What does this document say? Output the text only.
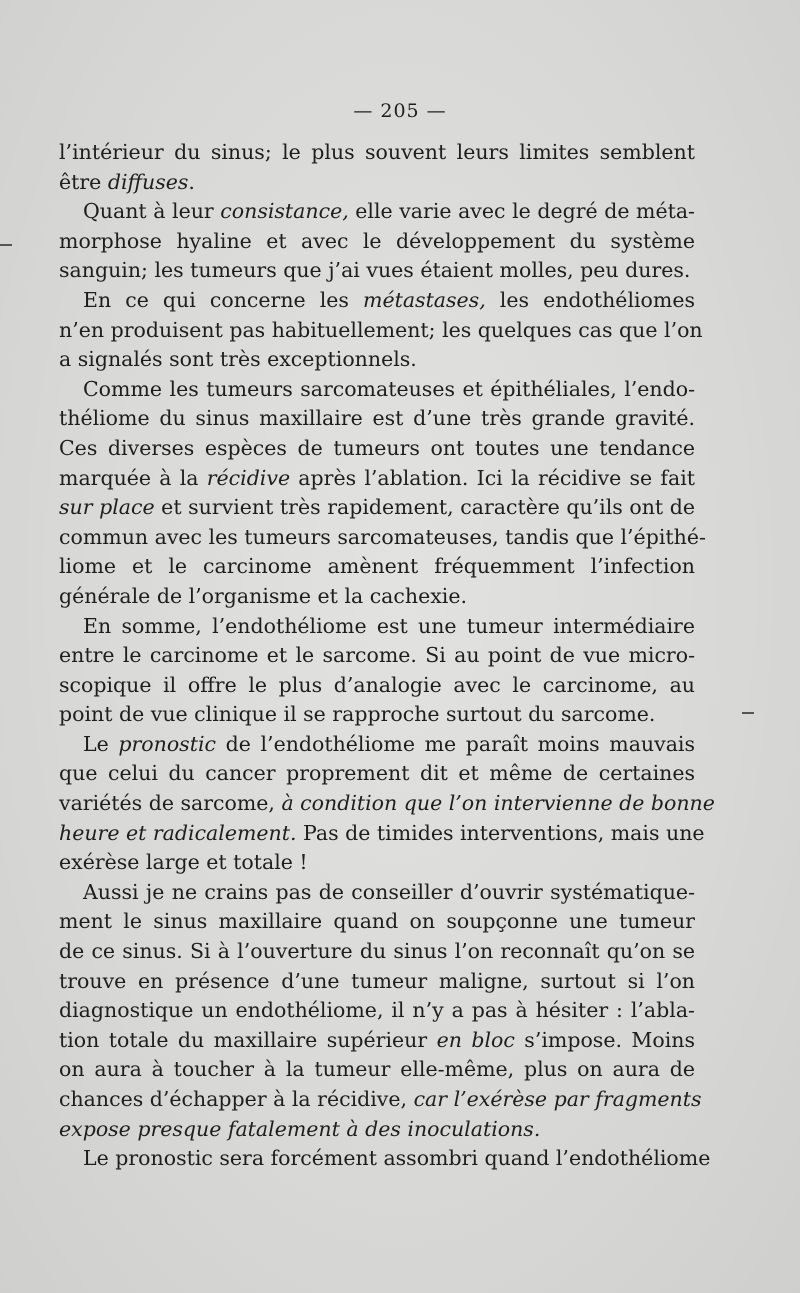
— 205 —
l’intérieur du sinus; le plus souvent leurs limites semblent
être diffuses.
Quant à leur consistance, elle varie avec le degré de méta-
morphose hyaline et avec le développement du système
sanguin; les tumeurs que j’ai vues étaient molles, peu dures.
En ce qui concerne les métastases, les endothéliomes
n’en produisent pas habituellement; les quelques cas que l’on
a signalés sont très exceptionnels.
Comme les tumeurs sarcomateuses et épithéliales, l’endo-
théliome du sinus maxillaire est d’une très grande gravité.
Ces diverses espèces de tumeurs ont toutes une tendance
marquée à la récidive après l’ablation. Ici la récidive se fait
sur place et survient très rapidement, caractère qu’ils ont de
commun avec les tumeurs sarcomateuses, tandis que l’épithé-
liome et le carcinome amènent fréquemment l’infection
générale de l’organisme et la cachexie.
En somme, l’endothéliome est une tumeur intermédiaire
entre le carcinome et le sarcome. Si au point de vue micro-
scopique il offre le plus d’analogie avec le carcinome, au
point de vue clinique il se rapproche surtout du sarcome.
Le pronostic de l’endothéliome me paraît moins mauvais
que celui du cancer proprement dit et même de certaines
variétés de sarcome, à condition que l’on intervienne de bonne
heure et radicalement. Pas de timides interventions, mais une
exérèse large et totale !
Aussi je ne crains pas de conseiller d’ouvrir systématique-
ment le sinus maxillaire quand on soupçonne une tumeur
de ce sinus. Si à l’ouverture du sinus l’on reconnaît qu’on se
trouve en présence d’une tumeur maligne, surtout si l’on
diagnostique un endothéliome, il n’y a pas à hésiter : l’abla-
tion totale du maxillaire supérieur en bloc s’impose. Moins
on aura à toucher à la tumeur elle-même, plus on aura de
chances d’échapper à la récidive, car l’exérèse par fragments
expose presque fatalement à des inoculations.
Le pronostic sera forcément assombri quand l’endothéliome
